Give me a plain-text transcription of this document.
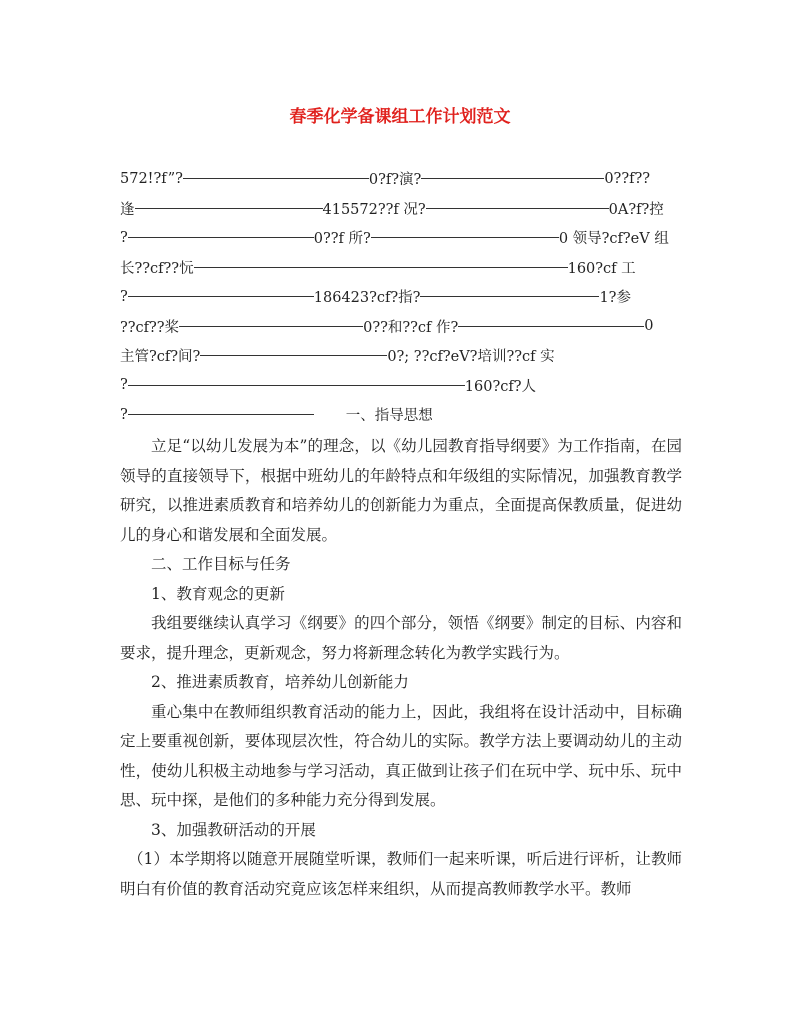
春季化学备课组工作计划范文
572!?f”?	0?f?演?	0??f??
逢	415572??f 况?	0A?f?控
?	0??f 所?	0 领导?cf?eV 组
长??cf??忨	160?cf 工
?	186423?cf?指?	1?参
??cf??桨	0??和??cf 作?	0
主管?cf?间?	0?; ??cf?eV?培训??cf 实
?	160?cf?人
?	一、指导思想

立足“以幼儿发展为本”的理念，以《幼儿园教育指导纲要》为工作指南，在园领导的直接领导下，根据中班幼儿的年龄特点和年级组的实际情况，加强教育教学研究，以推进素质教育和培养幼儿的创新能力为重点，全面提高保教质量，促进幼儿的身心和谐发展和全面发展。

二、工作目标与任务

1、教育观念的更新

我组要继续认真学习《纲要》的四个部分，领悟《纲要》制定的目标、内容和要求，提升理念，更新观念，努力将新理念转化为教学实践行为。

2、推进素质教育，培养幼儿创新能力

重心集中在教师组织教育活动的能力上，因此，我组将在设计活动中，目标确定上要重视创新，要体现层次性，符合幼儿的实际。教学方法上要调动幼儿的主动性，使幼儿积极主动地参与学习活动，真正做到让孩子们在玩中学、玩中乐、玩中思、玩中探，是他们的多种能力充分得到发展。

3、加强教研活动的开展

（1）本学期将以随意开展随堂听课，教师们一起来听课，听后进行评析，让教师明白有价值的教育活动究竟应该怎样来组织，从而提高教师教学水平。教师
